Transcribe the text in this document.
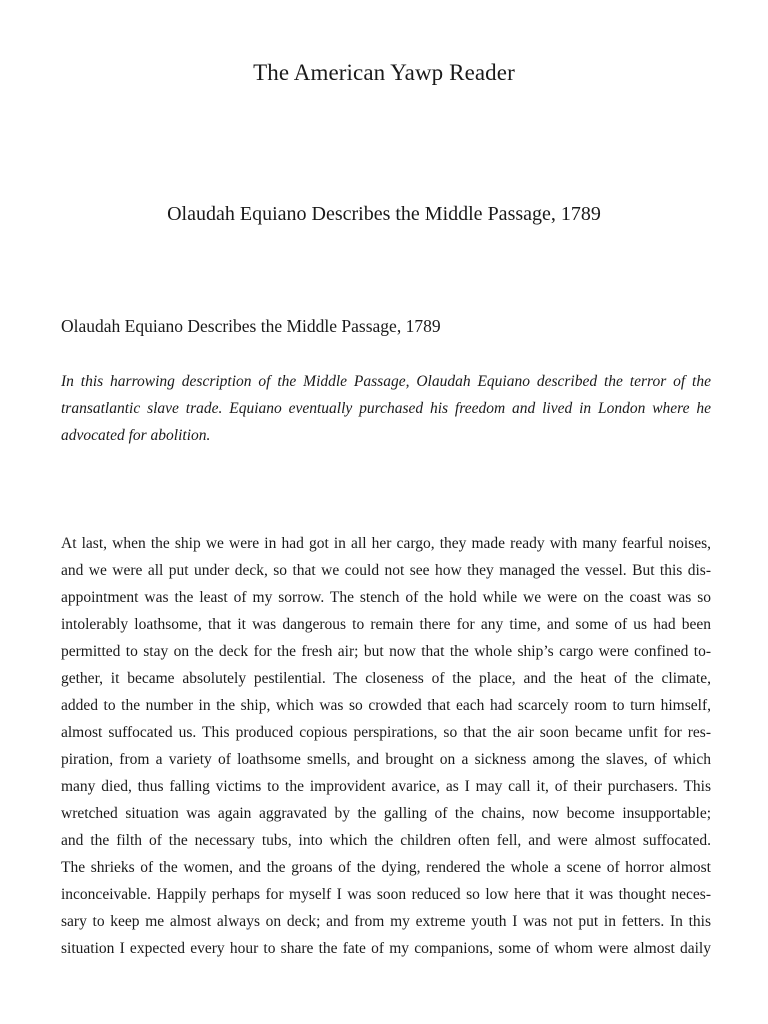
The American Yawp Reader
Olaudah Equiano Describes the Middle Passage, 1789
Olaudah Equiano Describes the Middle Passage, 1789
In this harrowing description of the Middle Passage, Olaudah Equiano described the terror of the
transatlantic slave trade. Equiano eventually purchased his freedom and lived in London where he
advocated for abolition.
At last, when the ship we were in had got in all her cargo, they made ready with many fearful noises,
and we were all put under deck, so that we could not see how they managed the vessel. But this dis-
appointment was the least of my sorrow. The stench of the hold while we were on the coast was so
intolerably loathsome, that it was dangerous to remain there for any time, and some of us had been
permitted to stay on the deck for the fresh air; but now that the whole ship’s cargo were confined to-
gether, it became absolutely pestilential. The closeness of the place, and the heat of the climate,
added to the number in the ship, which was so crowded that each had scarcely room to turn himself,
almost suffocated us. This produced copious perspirations, so that the air soon became unfit for res-
piration, from a variety of loathsome smells, and brought on a sickness among the slaves, of which
many died, thus falling victims to the improvident avarice, as I may call it, of their purchasers. This
wretched situation was again aggravated by the galling of the chains, now become insupportable;
and the filth of the necessary tubs, into which the children often fell, and were almost suffocated.
The shrieks of the women, and the groans of the dying, rendered the whole a scene of horror almost
inconceivable. Happily perhaps for myself I was soon reduced so low here that it was thought neces-
sary to keep me almost always on deck; and from my extreme youth I was not put in fetters. In this
situation I expected every hour to share the fate of my companions, some of whom were almost daily
